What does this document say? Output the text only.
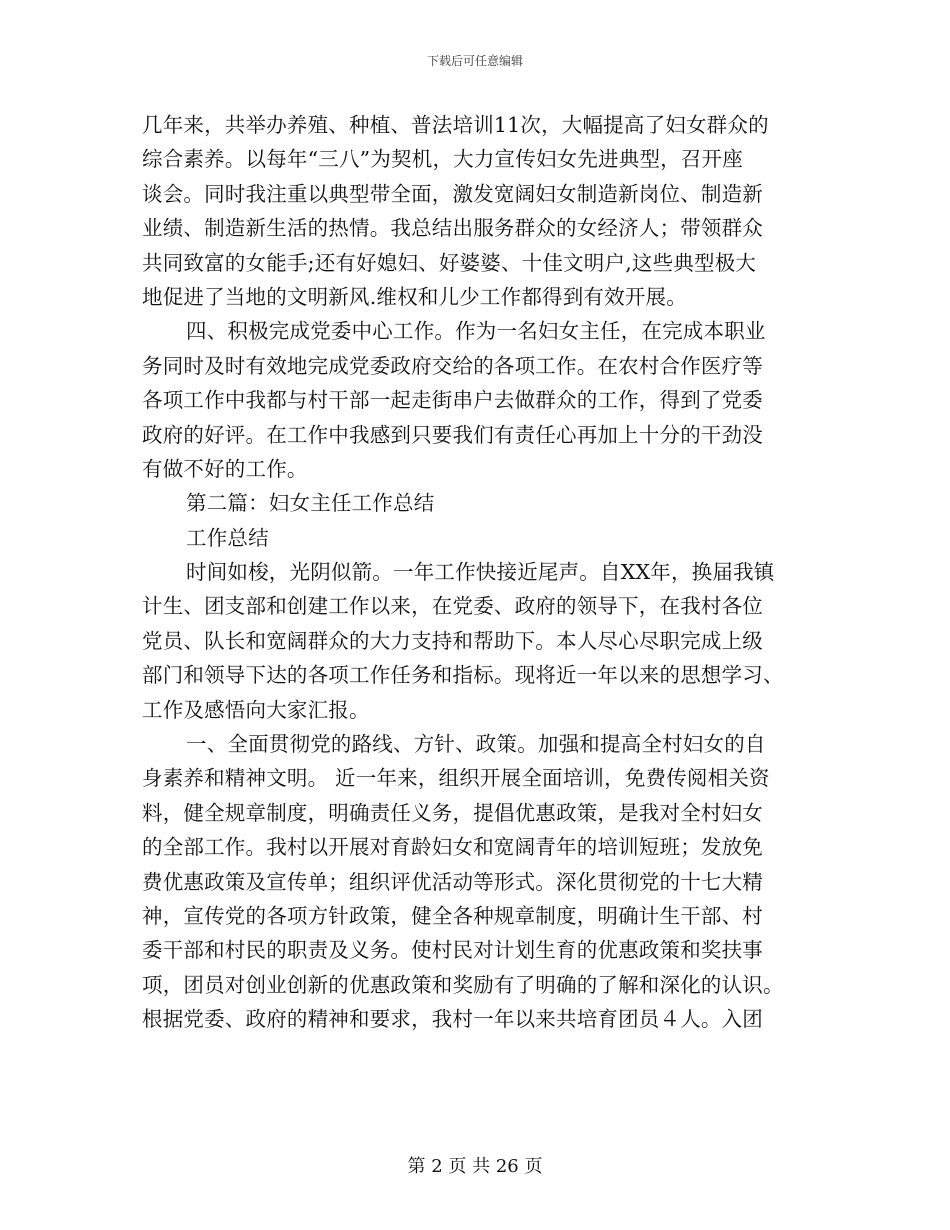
下载后可任意编辑
几年来，共举办养殖、种植、普法培训11次，大幅提高了妇女群众的
综合素养。以每年“三八”为契机，大力宣传妇女先进典型，召开座
谈会。同时我注重以典型带全面，激发宽阔妇女制造新岗位、制造新
业绩、制造新生活的热情。我总结出服务群众的女经济人；带领群众
共同致富的女能手;还有好媳妇、好婆婆、十佳文明户,这些典型极大
地促进了当地的文明新风.维权和儿少工作都得到有效开展。
四、积极完成党委中心工作。作为一名妇女主任，在完成本职业
务同时及时有效地完成党委政府交给的各项工作。在农村合作医疗等
各项工作中我都与村干部一起走街串户去做群众的工作，得到了党委
政府的好评。在工作中我感到只要我们有责任心再加上十分的干劲没
有做不好的工作。
第二篇：妇女主任工作总结
工作总结
时间如梭，光阴似箭。一年工作快接近尾声。自XX年，换届我镇
计生、团支部和创建工作以来，在党委、政府的领导下，在我村各位
党员、队长和宽阔群众的大力支持和帮助下。本人尽心尽职完成上级
部门和领导下达的各项工作任务和指标。现将近一年以来的思想学习、
工作及感悟向大家汇报。
一、全面贯彻党的路线、方针、政策。加强和提高全村妇女的自
身素养和精神文明。 近一年来，组织开展全面培训，免费传阅相关资
料，健全规章制度，明确责任义务，提倡优惠政策，是我对全村妇女
的全部工作。我村以开展对育龄妇女和宽阔青年的培训短班；发放免
费优惠政策及宣传单；组织评优活动等形式。深化贯彻党的十七大精
神，宣传党的各项方针政策，健全各种规章制度，明确计生干部、村
委干部和村民的职责及义务。使村民对计划生育的优惠政策和奖扶事
项，团员对创业创新的优惠政策和奖励有了明确的了解和深化的认识。
根据党委、政府的精神和要求，我村一年以来共培育团员４人。入团
第 2 页 共 26 页
